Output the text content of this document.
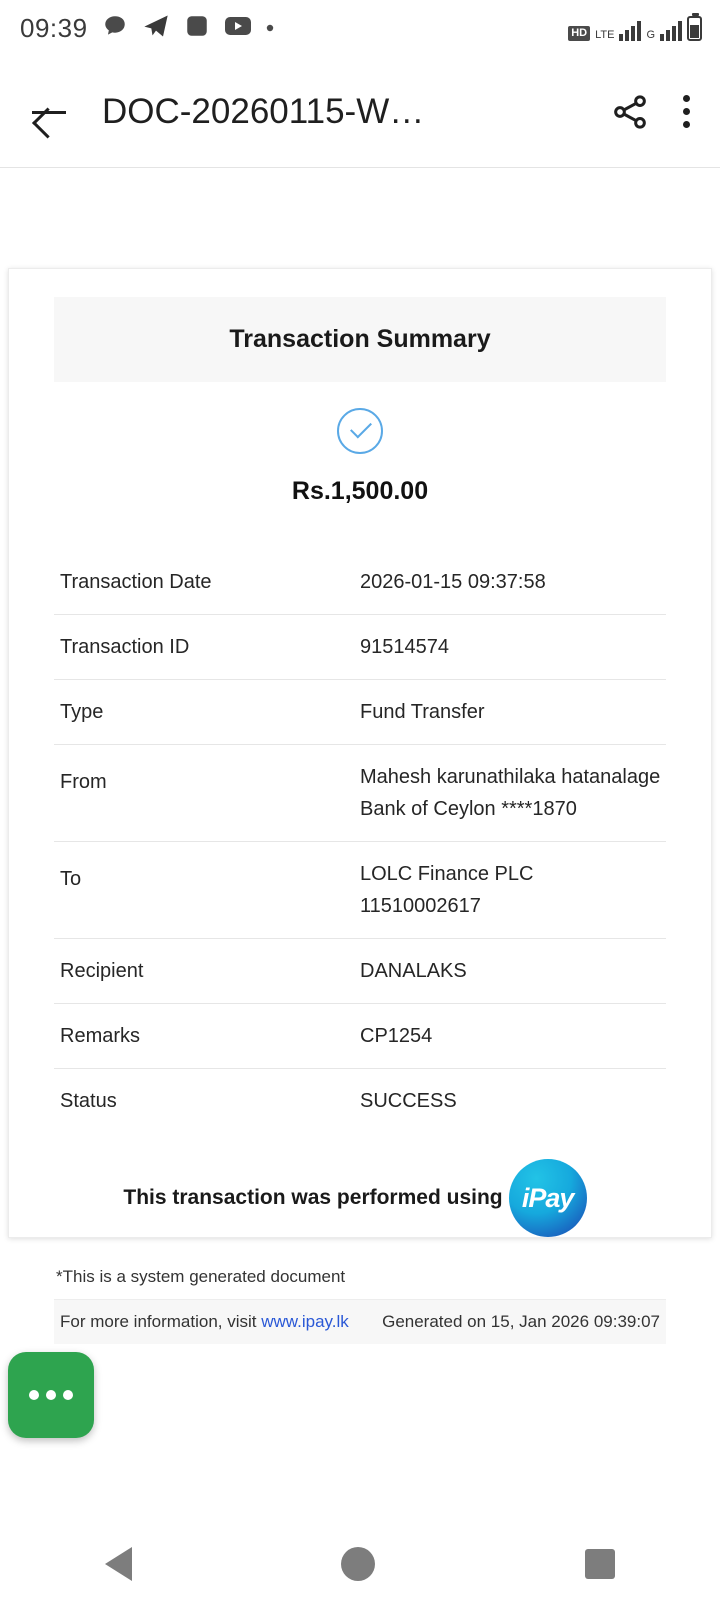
09:39	HD LTE	G
DOC-20260115-W…
Transaction Summary
Rs.1,500.00
Transaction Date	2026-01-15 09:37:58
Transaction ID	91514574
Type	Fund Transfer
From	Mahesh karunathilaka hatanalage
Bank of Ceylon ****1870
To	LOLC Finance PLC
11510002617
Recipient	DANALAKS
Remarks	CP1254
Status	SUCCESS
This transaction was performed using iPay
*This is a system generated document
For more information, visit www.ipay.lk Generated on 15, Jan 2026 09:39:07
